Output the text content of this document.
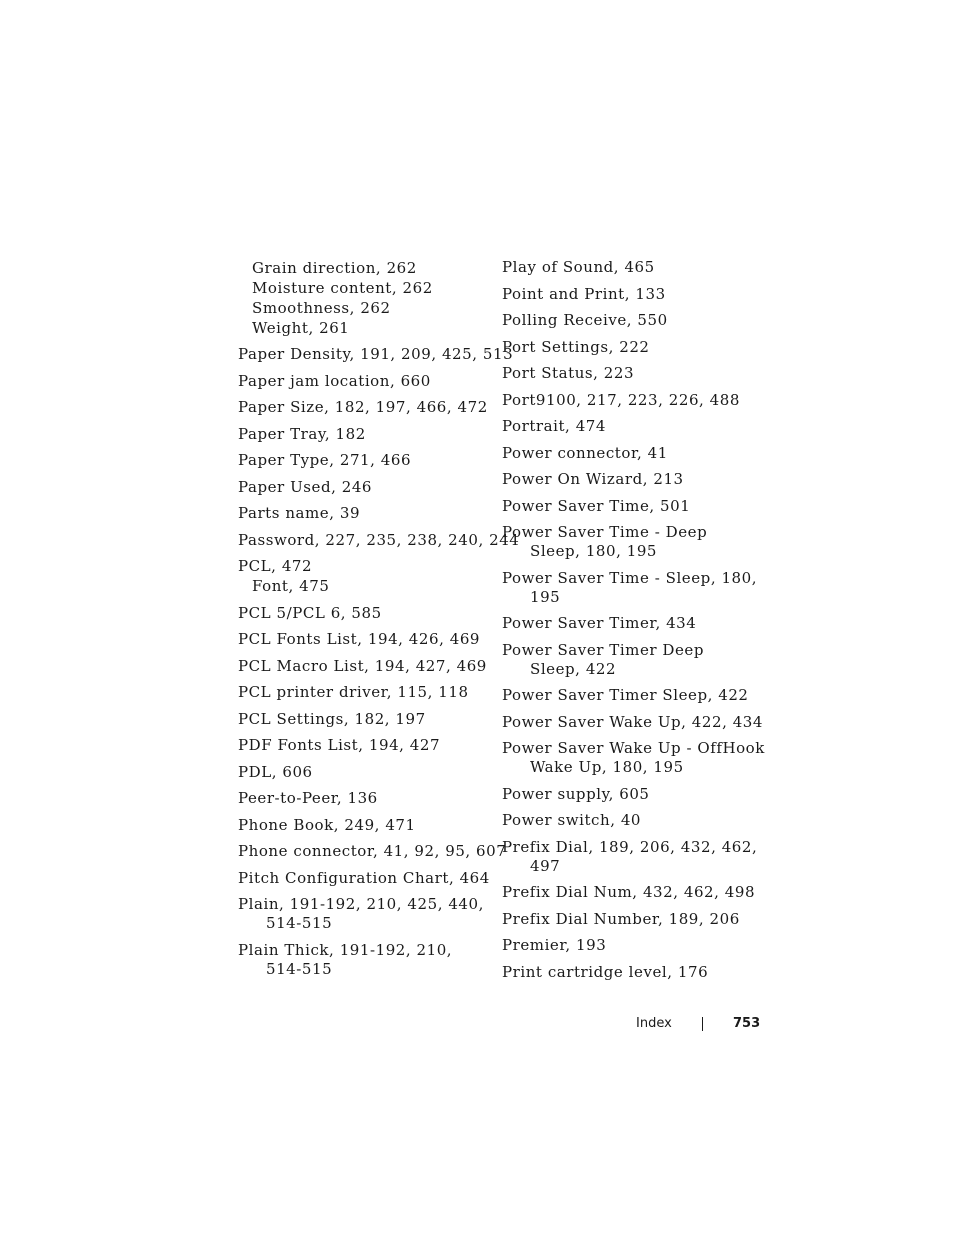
Grain direction, 262
Moisture content, 262
Smoothness, 262
Weight, 261
Paper Density, 191, 209, 425, 513
Paper jam location, 660
Paper Size, 182, 197, 466, 472
Paper Tray, 182
Paper Type, 271, 466
Paper Used, 246
Parts name, 39
Password, 227, 235, 238, 240, 244
PCL, 472
Font, 475
PCL 5/PCL 6, 585
PCL Fonts List, 194, 426, 469
PCL Macro List, 194, 427, 469
PCL printer driver, 115, 118
PCL Settings, 182, 197
PDF Fonts List, 194, 427
PDL, 606
Peer-to-Peer, 136
Phone Book, 249, 471
Phone connector, 41, 92, 95, 607
Pitch Configuration Chart, 464
Plain, 191-192, 210, 425, 440,
514-515
Plain Thick, 191-192, 210,
514-515
Play of Sound, 465
Point and Print, 133
Polling Receive, 550
Port Settings, 222
Port Status, 223
Port9100, 217, 223, 226, 488
Portrait, 474
Power connector, 41
Power On Wizard, 213
Power Saver Time, 501
Power Saver Time - Deep
Sleep, 180, 195
Power Saver Time - Sleep, 180,
195
Power Saver Timer, 434
Power Saver Timer Deep
Sleep, 422
Power Saver Timer Sleep, 422
Power Saver Wake Up, 422, 434
Power Saver Wake Up - OffHook
Wake Up, 180, 195
Power supply, 605
Power switch, 40
Prefix Dial, 189, 206, 432, 462,
497
Prefix Dial Num, 432, 462, 498
Prefix Dial Number, 189, 206
Premier, 193
Print cartridge level, 176
Index	753
